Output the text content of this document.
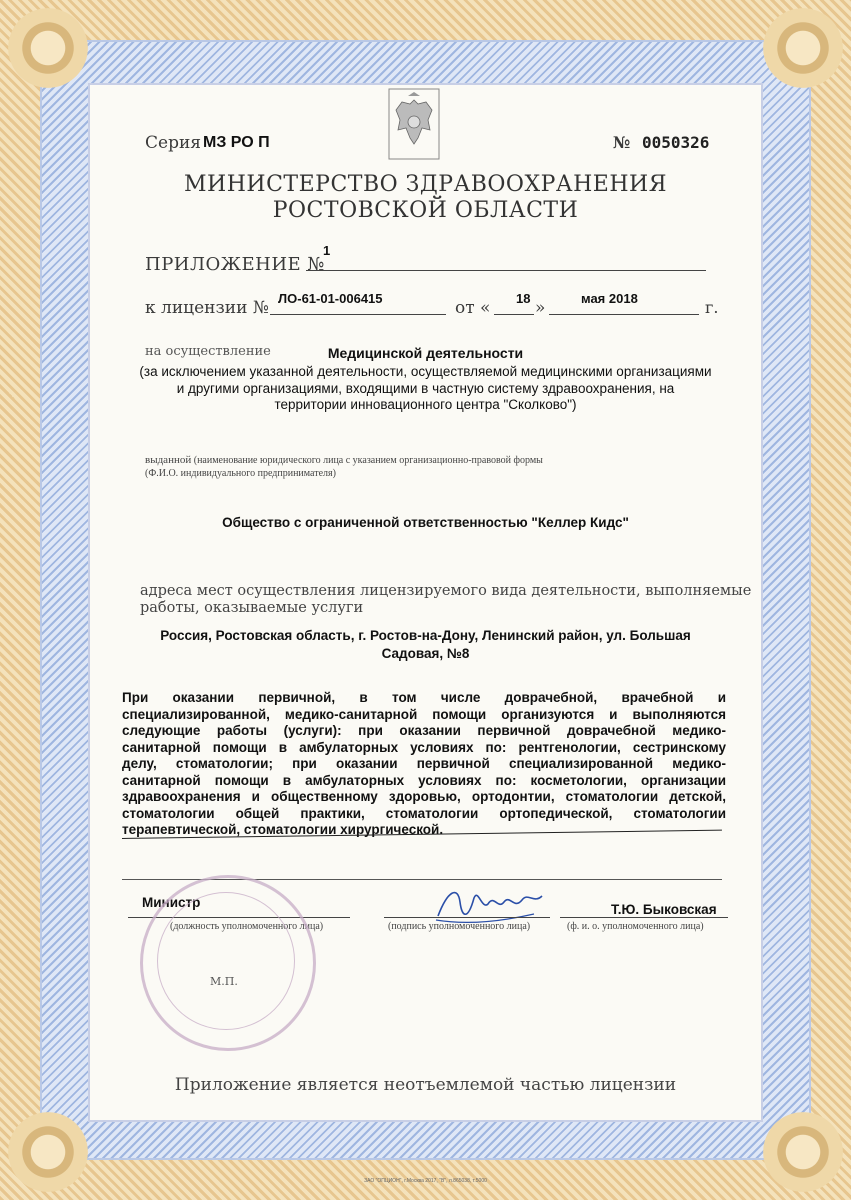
Серия МЗ РО П	№ 0050326
МИНИСТЕРСТВО ЗДРАВООХРАНЕНИЯ
РОСТОВСКОЙ ОБЛАСТИ
ПРИЛОЖЕНИЕ №
1
к лицензии № ЛО-61-01-006415	от « 18 »	мая 2018	г.
на осуществление	Медицинской деятельности
(за исключением указанной деятельности, осуществляемой медицинскими организациями
и другими организациями, входящими в частную систему здравоохранения, на
территории инновационного центра "Сколково")
выданной (наименование юридического лица с указанием организационно-правовой формы
(Ф.И.О. индивидуального предпринимателя)
Общество с ограниченной ответственностью "Келлер Кидс"
адреса мест осуществления лицензируемого вида деятельности, выполняемые
работы, оказываемые услуги
Россия, Ростовская область, г. Ростов-на-Дону, Ленинский район, ул. Большая
Садовая, №8
При оказании первичной, в том числе доврачебной, врачебной и
специализированной, медико-санитарной помощи организуются и выполняются
следующие работы (услуги): при оказании первичной доврачебной медико-
санитарной помощи в амбулаторных условиях по: рентгенологии, сестринскому
делу, стоматологии; при оказании первичной специализированной медико-
санитарной помощи в амбулаторных условиях по: косметологии, организации
здравоохранения и общественному здоровью, ортодонтии, стоматологии детской,
стоматологии общей практики, стоматологии ортопедической, стоматологии
терапевтической, стоматологии хирургической.
Министр
(должность уполномоченного лица)	(подпись уполномоченного лица)
Т.Ю. Быковская
(ф. и. о. уполномоченного лица)
М.П.
Приложение является неотъемлемой частью лицензии
ЗАО "ОПЦИОН", г.Москва 2017, "В", л.865038, т.5000
